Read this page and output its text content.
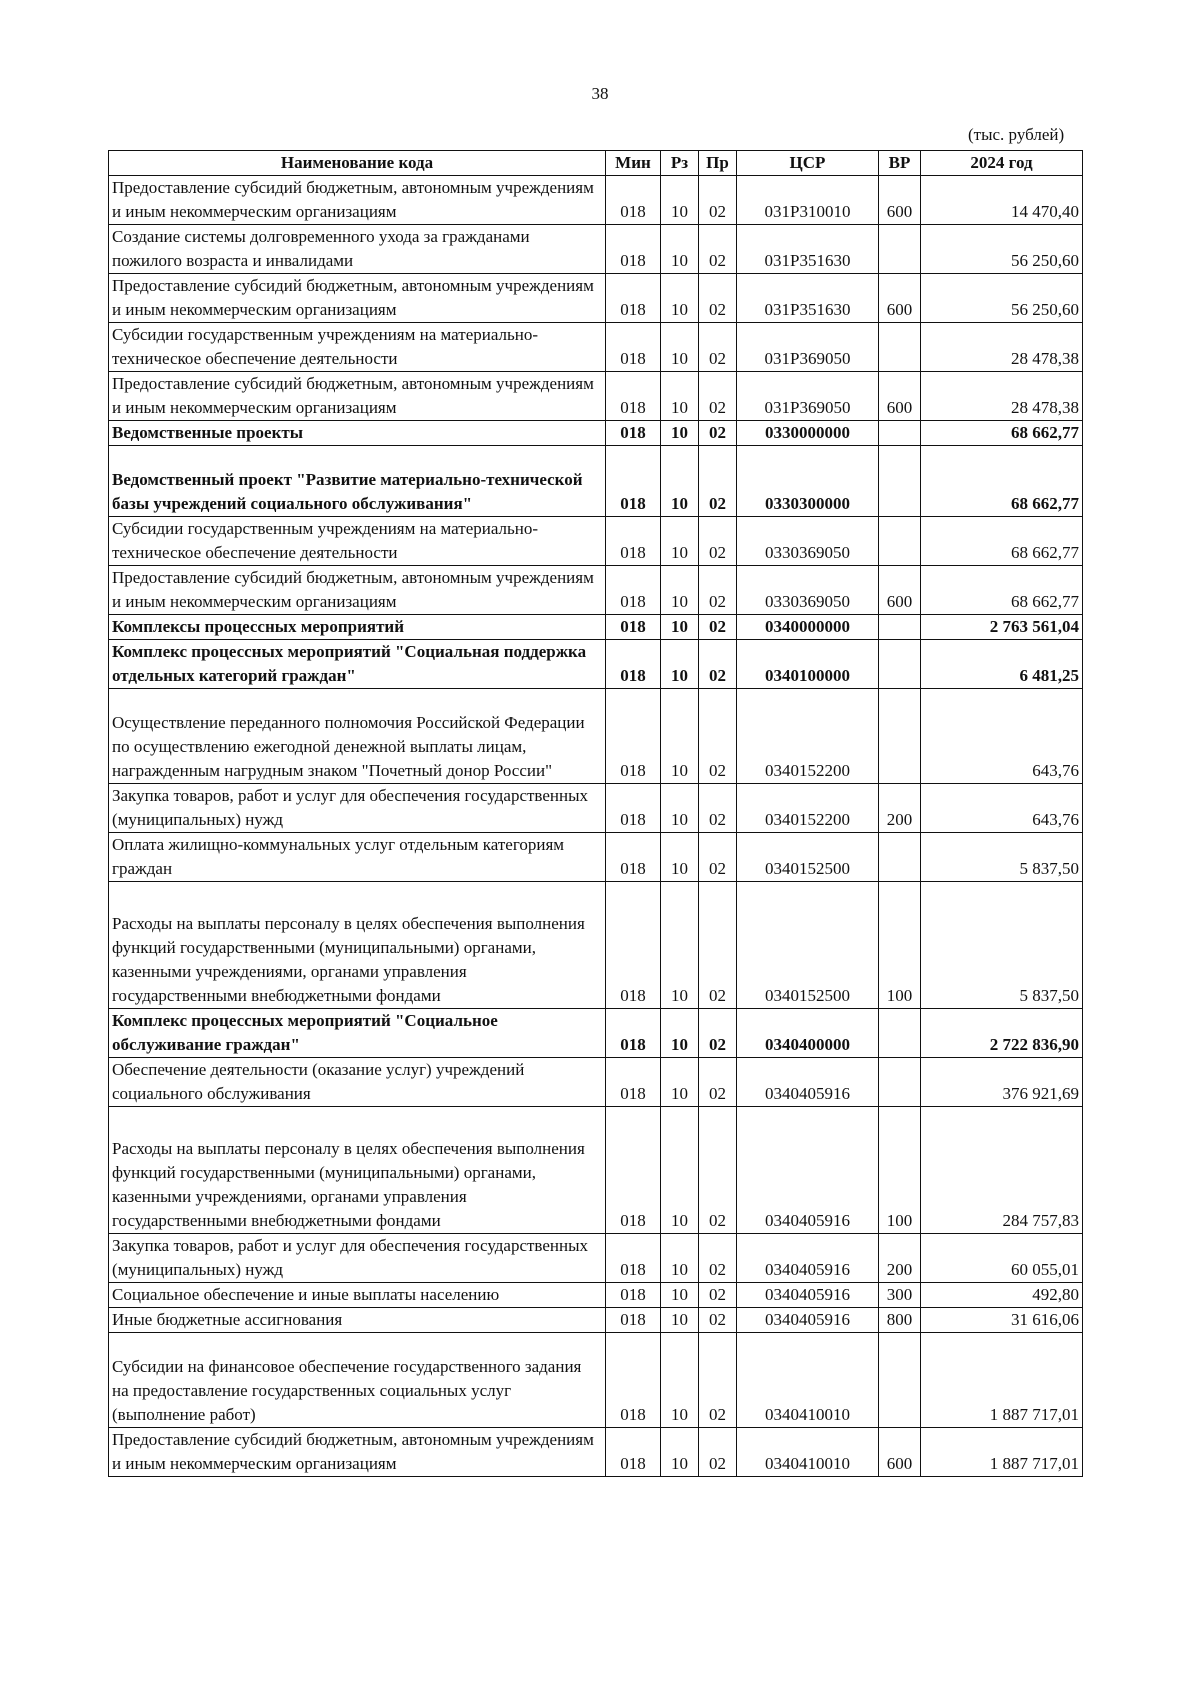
38
(тыс. рублей)
Наименование кода	Мин	Рз	Пр	ЦСР	ВР	2024 год
Предоставление субсидий бюджетным, автономным учреждениям и иным некоммерческим организациям	018	10	02	031P310010	600	14 470,40
Создание системы долговременного ухода за гражданами пожилого возраста и инвалидами	018	10	02	031P351630		56 250,60
Предоставление субсидий бюджетным, автономным учреждениям и иным некоммерческим организациям	018	10	02	031P351630	600	56 250,60
Субсидии государственным учреждениям на материально-техническое обеспечение деятельности	018	10	02	031P369050		28 478,38
Предоставление субсидий бюджетным, автономным учреждениям и иным некоммерческим организациям	018	10	02	031P369050	600	28 478,38
Ведомственные проекты	018	10	02	0330000000		68 662,77
Ведомственный проект "Развитие материально-технической базы учреждений социального обслуживания"	018	10	02	0330300000		68 662,77
Субсидии государственным учреждениям на материально-техническое обеспечение деятельности	018	10	02	0330369050		68 662,77
Предоставление субсидий бюджетным, автономным учреждениям и иным некоммерческим организациям	018	10	02	0330369050	600	68 662,77
Комплексы процессных мероприятий	018	10	02	0340000000		2 763 561,04
Комплекс процессных мероприятий "Социальная поддержка отдельных категорий граждан"	018	10	02	0340100000		6 481,25
Осуществление переданного полномочия Российской Федерации по осуществлению ежегодной денежной выплаты лицам, награжденным нагрудным знаком "Почетный донор России"	018	10	02	0340152200		643,76
Закупка товаров, работ и услуг для обеспечения государственных (муниципальных) нужд	018	10	02	0340152200	200	643,76
Оплата жилищно-коммунальных услуг отдельным категориям граждан	018	10	02	0340152500		5 837,50
Расходы на выплаты персоналу в целях обеспечения выполнения функций государственными (муниципальными) органами, казенными учреждениями, органами управления государственными внебюджетными фондами	018	10	02	0340152500	100	5 837,50
Комплекс процессных мероприятий "Социальное обслуживание граждан"	018	10	02	0340400000		2 722 836,90
Обеспечение деятельности (оказание услуг) учреждений социального обслуживания	018	10	02	0340405916		376 921,69
Расходы на выплаты персоналу в целях обеспечения выполнения функций государственными (муниципальными) органами, казенными учреждениями, органами управления государственными внебюджетными фондами	018	10	02	0340405916	100	284 757,83
Закупка товаров, работ и услуг для обеспечения государственных (муниципальных) нужд	018	10	02	0340405916	200	60 055,01
Социальное обеспечение и иные выплаты населению	018	10	02	0340405916	300	492,80
Иные бюджетные ассигнования	018	10	02	0340405916	800	31 616,06
Субсидии на финансовое обеспечение государственного задания на предоставление государственных социальных услуг (выполнение работ)	018	10	02	0340410010		1 887 717,01
Предоставление субсидий бюджетным, автономным учреждениям и иным некоммерческим организациям	018	10	02	0340410010	600	1 887 717,01
